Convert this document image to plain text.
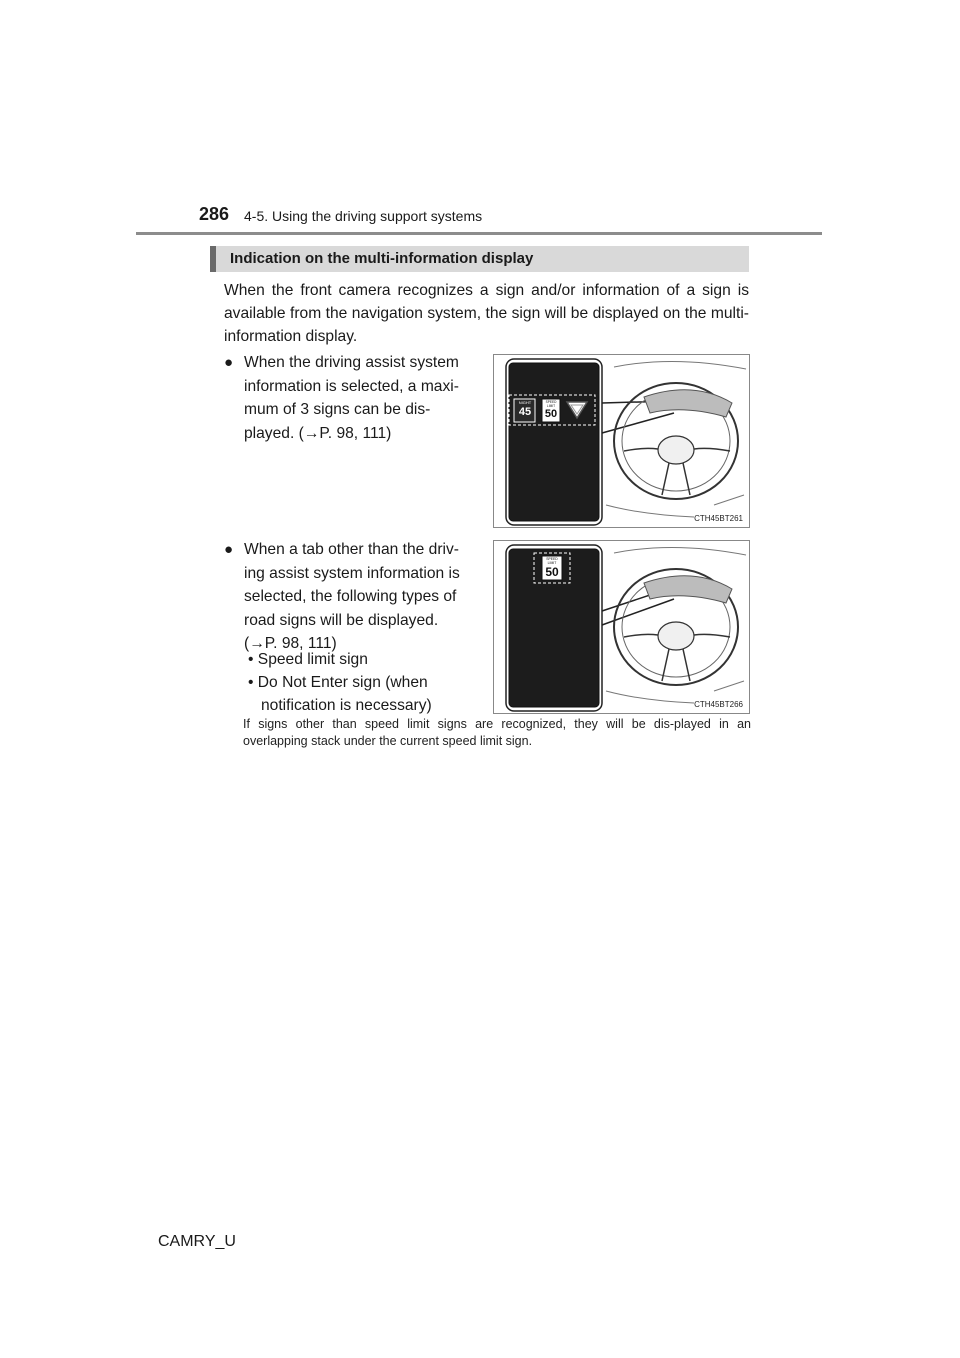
286 4-5. Using the driving support systems
Indication on the multi-information display
When the front camera recognizes a sign and/or information of a sign is available from the navigation system, the sign will be displayed on the multi-information display.
● When the driving assist system
information is selected, a maxi-
mum of 3 signs can be dis-
played. (→P. 98, 111)
● When a tab other than the driv-
ing assist system information is
selected, the following types of
road signs will be displayed.
(→P. 98, 111)
• Speed limit sign
• Do Not Enter sign (when
notification is necessary)
If signs other than speed limit signs are recognized, they will be dis-played in an overlapping stack under the current speed limit sign.
NIGHT
45
SPEED LIMIT
50
CTH45BT261
SPEED LIMIT
50
CTH45BT266
CAMRY_U
